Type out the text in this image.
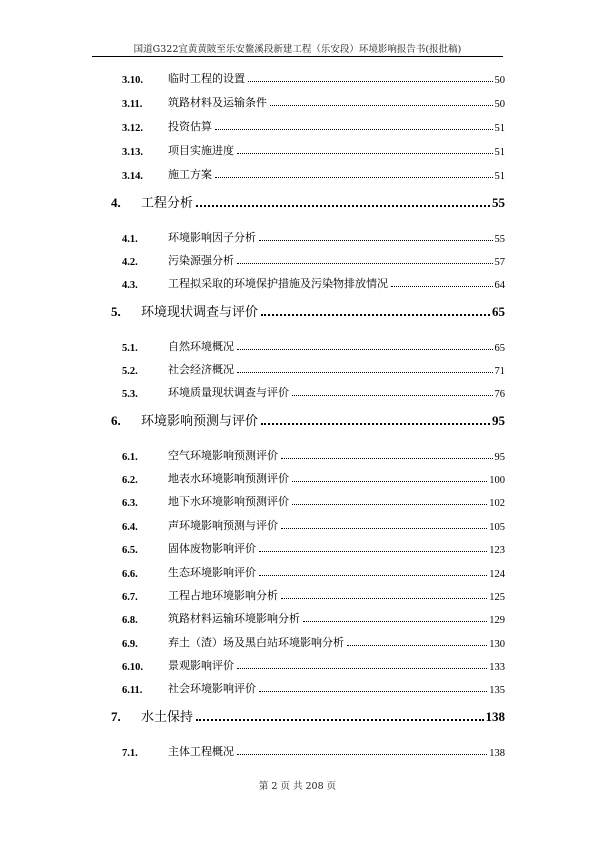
国道G322宜黄黄陂至乐安鳌溪段新建工程（乐安段）环境影响报告书(报批稿)
3.10.	临时工程的设置	50
3.11.	筑路材料及运输条件	50
3.12.	投资估算	51
3.13.	项目实施进度	51
3.14.	施工方案	51
4.	工程分析	55
4.1.	环境影响因子分析	55
4.2.	污染源强分析	57
4.3.	工程拟采取的环境保护措施及污染物排放情况	64
5.	环境现状调查与评价	65
5.1.	自然环境概况	65
5.2.	社会经济概况	71
5.3.	环境质量现状调查与评价	76
6.	环境影响预测与评价	95
6.1.	空气环境影响预测评价	95
6.2.	地表水环境影响预测评价	100
6.3.	地下水环境影响预测评价	102
6.4.	声环境影响预测与评价	105
6.5.	固体废物影响评价	123
6.6.	生态环境影响评价	124
6.7.	工程占地环境影响分析	125
6.8.	筑路材料运输环境影响分析	129
6.9.	弃土（渣）场及黑白站环境影响分析	130
6.10.	景观影响评价	133
6.11.	社会环境影响评价	135
7.	水土保持	138
7.1.	主体工程概况	138
第 2 页 共 208 页
